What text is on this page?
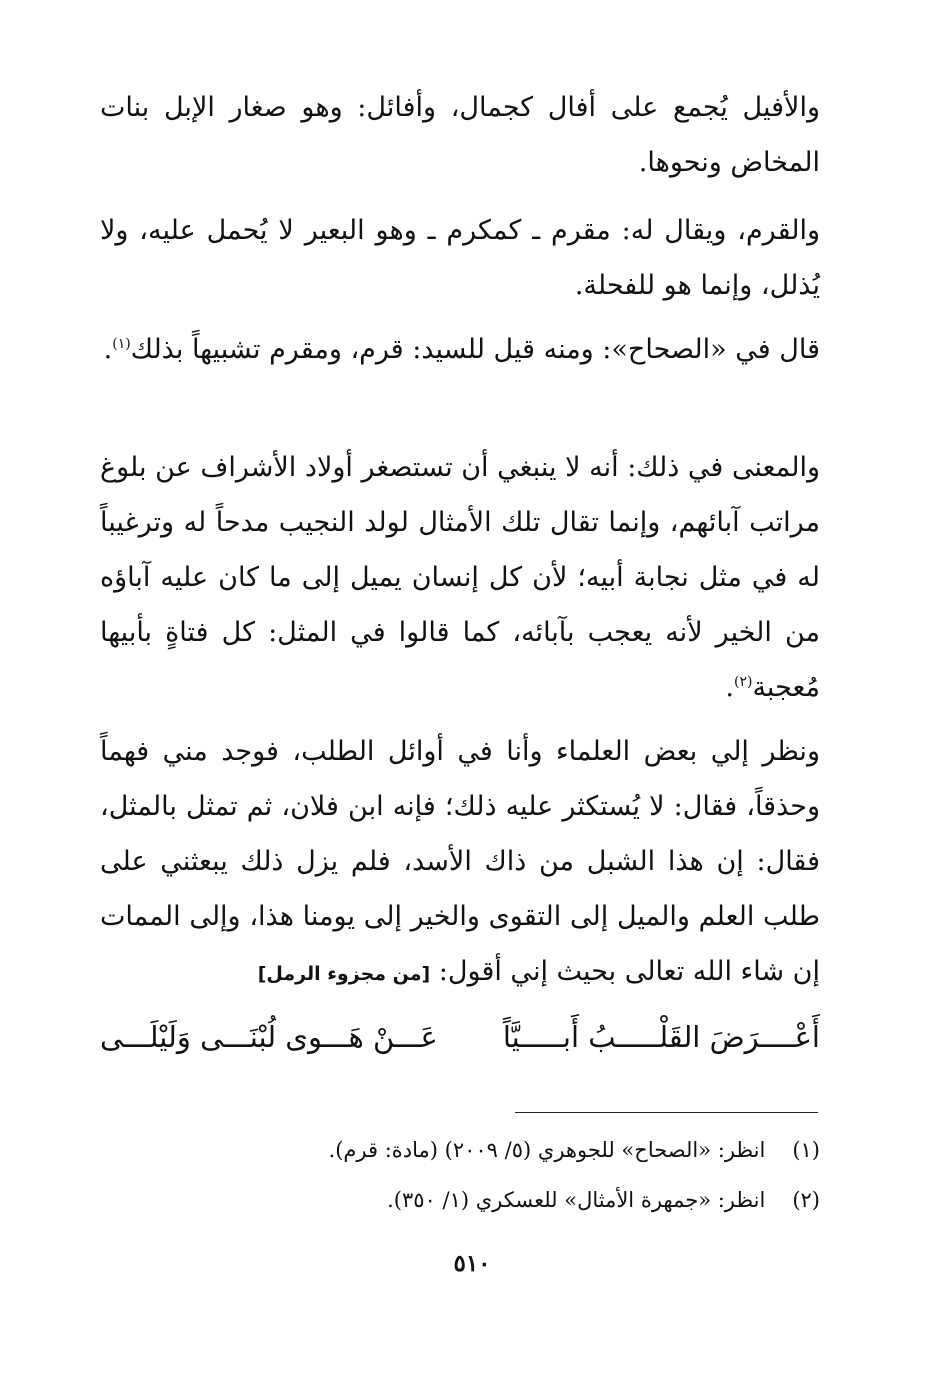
والأفيل يُجمع على أفال كجمال، وأفائل: وهو صغار الإبل بنات المخاض ونحوها.

والقرم، ويقال له: مقرم ـ كمكرم ـ وهو البعير لا يُحمل عليه، ولا يُذلل، وإنما هو للفحلة.

قال في «الصحاح»: ومنه قيل للسيد: قرم، ومقرم تشبيهاً بذلك$^{(١)}$.

والمعنى في ذلك: أنه لا ينبغي أن تستصغر أولاد الأشراف عن بلوغ مراتب آبائهم، وإنما تقال تلك الأمثال لولد النجيب مدحاً له وترغيباً له في مثل نجابة أبيه؛ لأن كل إنسان يميل إلى ما كان عليه آباؤه من الخير لأنه يعجب بآبائه، كما قالوا في المثل: كل فتاةٍ بأبيها مُعجبة$^{(٢)}$.

ونظر إلي بعض العلماء وأنا في أوائل الطلب، فوجد مني فهماً وحذقاً، فقال: لا يُستكثر عليه ذلك؛ فإنه ابن فلان، ثم تمثل بالمثل، فقال: إن هذا الشبل من ذاك الأسد، فلم يزل ذلك يبعثني على طلب العلم والميل إلى التقوى والخير إلى يومنا هذا، وإلى الممات إن شاء الله تعالى بحيث إني أقول: [من مجزوء الرمل]

أَعْــــرَضَ القَلْـــــبُ أَبـــــيَّاً
عَـــنْ هَـــوى لُبْنَـــى وَلَيْلَـــى
(١) انظر: «الصحاح» للجوهري (٥/ ٢٠٠٩) (مادة: قرم).
(٢) انظر: «جمهرة الأمثال» للعسكري (١/ ٣٥٠).
٥١٠
